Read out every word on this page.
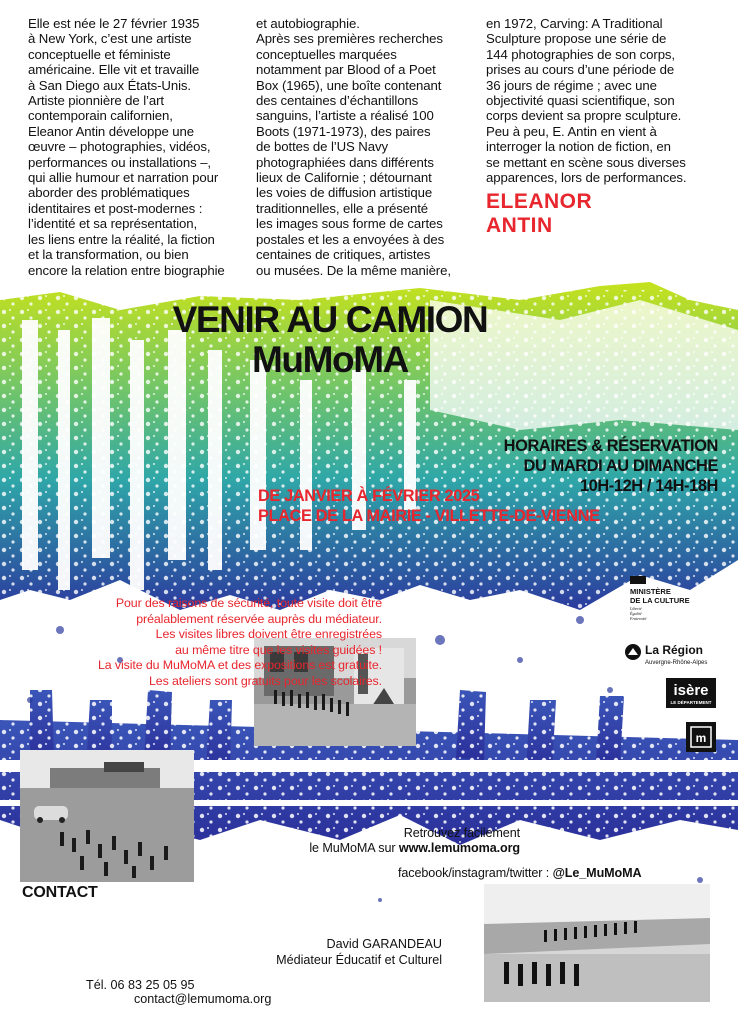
Elle est née le 27 février 1935
à New York, c’est une artiste
conceptuelle et féministe
américaine. Elle vit et travaille
à San Diego aux États-Unis.
Artiste pionnière de l’art
contemporain californien,
Eleanor Antin développe une
œuvre – photographies, vidéos,
performances ou installations –,
qui allie humour et narration pour
aborder des problématiques
identitaires et post-modernes :
l’identité et sa représentation,
les liens entre la réalité, la fiction
et la transformation, ou bien
encore la relation entre biographie
et autobiographie.
Après ses premières recherches
conceptuelles marquées
notamment par Blood of a Poet
Box (1965), une boîte contenant
des centaines d’échantillons
sanguins, l’artiste a réalisé 100
Boots (1971-1973), des paires
de bottes de l’US Navy
photographiées dans différents
lieux de Californie ; détournant
les voies de diffusion artistique
traditionnelles, elle a présenté
les images sous forme de cartes
postales et les a envoyées à des
centaines de critiques, artistes
ou musées. De la même manière,
en 1972, Carving: A Traditional
Sculpture propose une série de
144 photographies de son corps,
prises au cours d’une période de
36 jours de régime ; avec une
objectivité quasi scientifique, son
corps devient sa propre sculpture.
Peu à peu, E. Antin en vient à
interroger la notion de fiction, en
se mettant en scène sous diverses
apparences, lors de performances.
ELEANOR
ANTIN
VENIR AU CAMION
MuMoMA
HORAIRES & RÉSERVATION
DU MARDI AU DIMANCHE
10H-12H / 14H-18H
DE JANVIER À FÉVRIER 2025
PLACE DE LA MAIRIE - VILLETTE-DE-VIENNE
Pour des raisons de sécurité, toute visite doit être
préalablement réservée auprès du médiateur.
Les visites libres doivent être enregistrées
au même titre que les visites guidées !
La visite du MuMoMA et des expositions est gratuite.
Les ateliers sont gratuits pour les scolaires.
MINISTÈRE
DE LA CULTURE
Liberté
Égalité
Fraternité
La Région
Auvergne-Rhône-Alpes
isère
LE DÉPARTEMENT
m
Retrouvez facilement
le MuMoMA sur www.lemumoma.org
facebook/instagram/twitter : @Le_MuMoMA
CONTACT
David GARANDEAU
Médiateur Éducatif et Culturel
Tél. 06 83 25 05 95
contact@lemumoma.org
